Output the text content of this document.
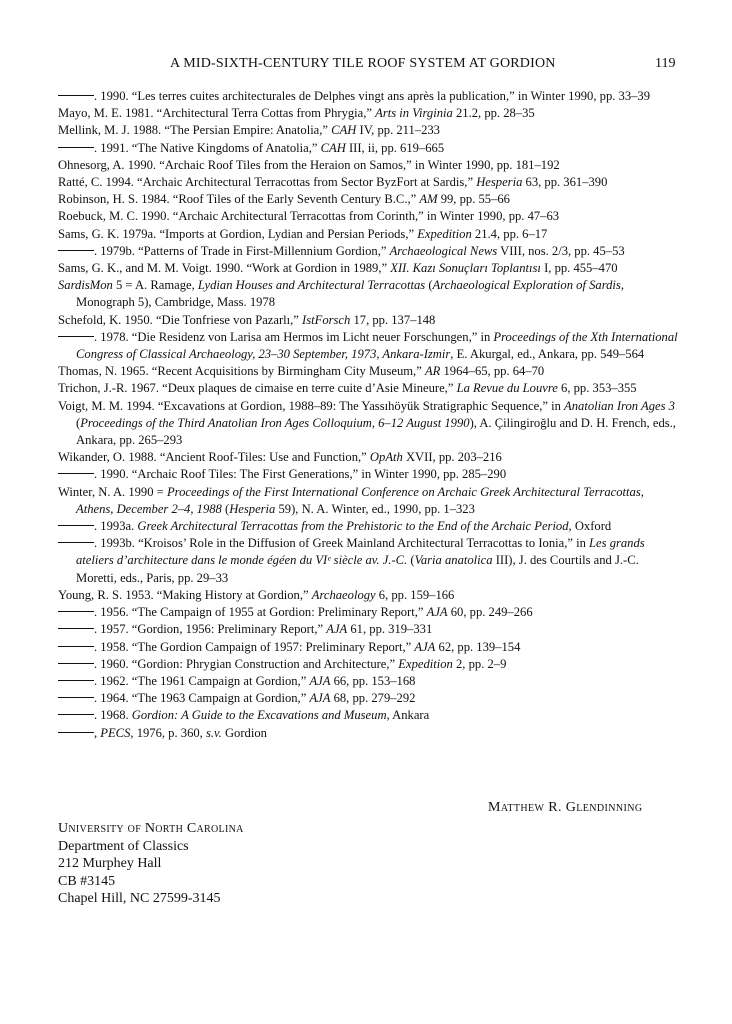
A MID-SIXTH-CENTURY TILE ROOF SYSTEM AT GORDION	119
. 1990. “Les terres cuites architecturales de Delphes vingt ans après la publication,” in Winter 1990, pp. 33–39
Mayo, M. E. 1981. “Architectural Terra Cottas from Phrygia,” Arts in Virginia 21.2, pp. 28–35
Mellink, M. J. 1988. “The Persian Empire: Anatolia,” CAH IV, pp. 211–233
. 1991. “The Native Kingdoms of Anatolia,” CAH III, ii, pp. 619–665
Ohnesorg, A. 1990. “Archaic Roof Tiles from the Heraion on Samos,” in Winter 1990, pp. 181–192
Ratté, C. 1994. “Archaic Architectural Terracottas from Sector ByzFort at Sardis,” Hesperia 63, pp. 361–390
Robinson, H. S. 1984. “Roof Tiles of the Early Seventh Century B.C.,” AM 99, pp. 55–66
Roebuck, M. C. 1990. “Archaic Architectural Terracottas from Corinth,” in Winter 1990, pp. 47–63
Sams, G. K. 1979a. “Imports at Gordion, Lydian and Persian Periods,” Expedition 21.4, pp. 6–17
. 1979b. “Patterns of Trade in First-Millennium Gordion,” Archaeological News VIII, nos. 2/3, pp. 45–53
Sams, G. K., and M. M. Voigt. 1990. “Work at Gordion in 1989,” XII. Kazı Sonuçları Toplantısı I, pp. 455–470
SardisMon 5 = A. Ramage, Lydian Houses and Architectural Terracottas (Archaeological Exploration of Sardis, Monograph 5), Cambridge, Mass. 1978
Schefold, K. 1950. “Die Tonfriese von Pazarlı,” IstForsch 17, pp. 137–148
. 1978. “Die Residenz von Larisa am Hermos im Licht neuer Forschungen,” in Proceedings of the Xth International Congress of Classical Archaeology, 23–30 September, 1973, Ankara-Izmir, E. Akurgal, ed., Ankara, pp. 549–564
Thomas, N. 1965. “Recent Acquisitions by Birmingham City Museum,” AR 1964–65, pp. 64–70
Trichon, J.-R. 1967. “Deux plaques de cimaise en terre cuite d’Asie Mineure,” La Revue du Louvre 6, pp. 353–355
Voigt, M. M. 1994. “Excavations at Gordion, 1988–89: The Yassıhöyük Stratigraphic Sequence,” in Anatolian Iron Ages 3 (Proceedings of the Third Anatolian Iron Ages Colloquium, 6–12 August 1990), A. Çilingiroğlu and D. H. French, eds., Ankara, pp. 265–293
Wikander, O. 1988. “Ancient Roof-Tiles: Use and Function,” OpAth XVII, pp. 203–216
. 1990. “Archaic Roof Tiles: The First Generations,” in Winter 1990, pp. 285–290
Winter, N. A. 1990 = Proceedings of the First International Conference on Archaic Greek Architectural Terracottas, Athens, December 2–4, 1988 (Hesperia 59), N. A. Winter, ed., 1990, pp. 1–323
. 1993a. Greek Architectural Terracottas from the Prehistoric to the End of the Archaic Period, Oxford
. 1993b. “Kroisos’ Role in the Diffusion of Greek Mainland Architectural Terracottas to Ionia,” in Les grands ateliers d’architecture dans le monde égéen du VIᵉ siècle av. J.-C. (Varia anatolica III), J. des Courtils and J.-C. Moretti, eds., Paris, pp. 29–33
Young, R. S. 1953. “Making History at Gordion,” Archaeology 6, pp. 159–166
. 1956. “The Campaign of 1955 at Gordion: Preliminary Report,” AJA 60, pp. 249–266
. 1957. “Gordion, 1956: Preliminary Report,” AJA 61, pp. 319–331
. 1958. “The Gordion Campaign of 1957: Preliminary Report,” AJA 62, pp. 139–154
. 1960. “Gordion: Phrygian Construction and Architecture,” Expedition 2, pp. 2–9
. 1962. “The 1961 Campaign at Gordion,” AJA 66, pp. 153–168
. 1964. “The 1963 Campaign at Gordion,” AJA 68, pp. 279–292
. 1968. Gordion: A Guide to the Excavations and Museum, Ankara
, PECS, 1976, p. 360, s.v. Gordion
Matthew R. Glendinning
University of North Carolina
Department of Classics
212 Murphey Hall
CB #3145
Chapel Hill, NC 27599-3145
